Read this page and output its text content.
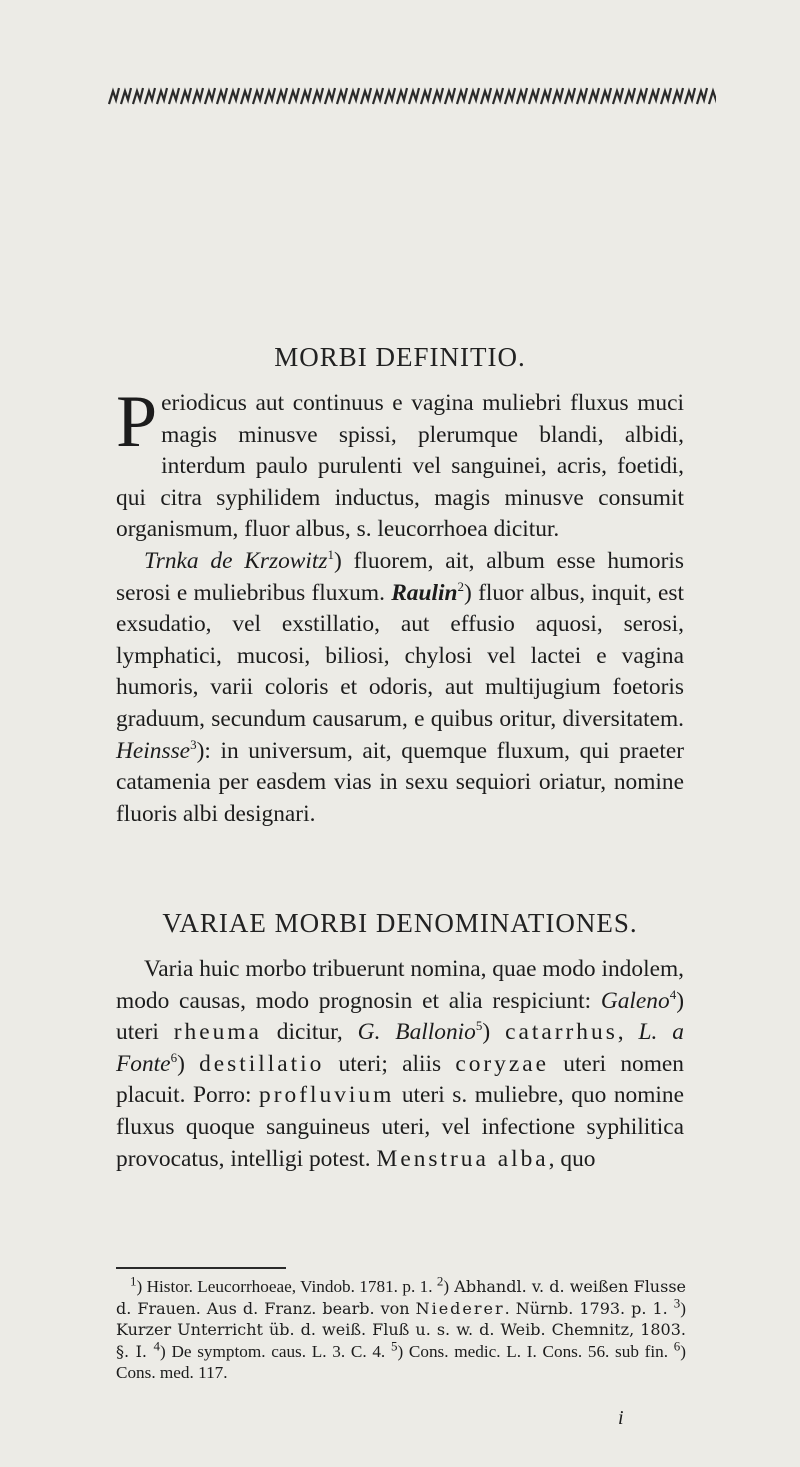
MORBI DEFINITIO.

Periodicus aut continuus e vagina muliebri fluxus muci magis minusve spissi, plerumque blandi, albidi, interdum paulo purulenti vel sanguinei, acris, foetidi, qui citra syphilidem inductus, magis minusve consumit organismum, fluor albus, s. leucorrhoea dicitur.

Trnka de Krzowitz$^1$) fluorem, ait, album esse humoris serosi e muliebribus fluxum. Raulin$^2$) fluor albus, inquit, est exsudatio, vel exstillatio, aut effusio aquosi, serosi, lymphatici, mucosi, biliosi, chylosi vel lactei e vagina humoris, varii coloris et odoris, aut multijugium foetoris graduum, secundum causarum, e quibus oritur, diversitatem. Heinsse$^3$): in universum, ait, quemque fluxum, qui praeter catamenia per easdem vias in sexu sequiori oriatur, nomine fluoris albi designari.

VARIAE MORBI DENOMINATIONES.

Varia huic morbo tribuerunt nomina, quae modo indolem, modo causas, modo prognosin et alia respiciunt: Galeno$^4$) uteri rheuma dicitur, G. Ballonio$^5$) catarrhus, L. a Fonte$^6$) destillatio uteri; aliis coryzae uteri nomen placuit. Porro: profluvium uteri s. muliebre, quo nomine fluxus quoque sanguineus uteri, vel infectione syphilitica provocatus, intelligi potest. Menstrua alba, quo

$^1$) Histor. Leucorrhoeae, Vindob. 1781. p. 1. $^2$) Abhandl. v. d. weißen Flusse d. Frauen. Aus d. Franz. bearb. von Niederer. Nürnb. 1793. p. 1. $^3$) Kurzer Unterricht üb. d. weiß. Fluß u. s. w. d. Weib. Chemnitz, 1803. §. I. $^4$) De symptom. caus. L. 3. C. 4. $^5$) Cons. medic. L. I. Cons. 56. sub fin. $^6$) Cons. med. 117.

i
